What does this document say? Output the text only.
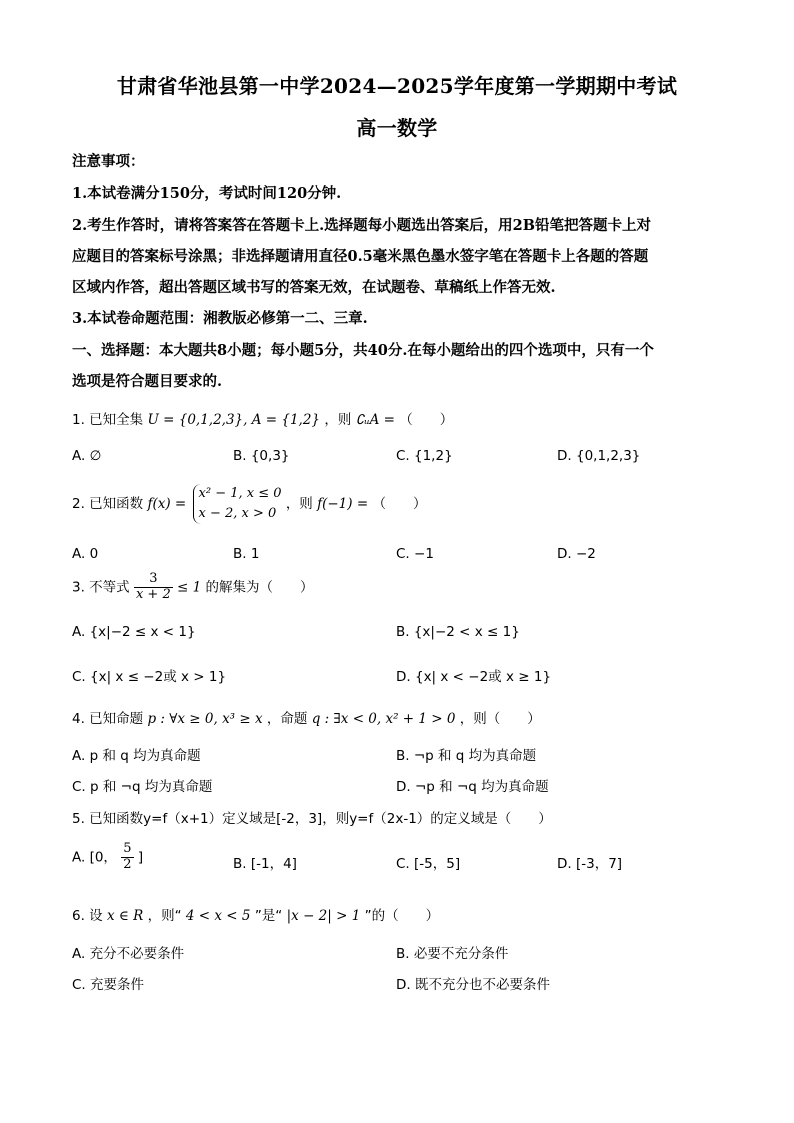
甘肃省华池县第一中学2024—2025学年度第一学期期中考试
高一数学
注意事项：
1.本试卷满分150分，考试时间120分钟.
2.考生作答时，请将答案答在答题卡上.选择题每小题选出答案后，用2B铅笔把答题卡上对
应题目的答案标号涂黑；非选择题请用直径0.5毫米黑色墨水签字笔在答题卡上各题的答题
区域内作答，超出答题区域书写的答案无效，在试题卷、草稿纸上作答无效.
3.本试卷命题范围：湘教版必修第一二、三章.
一、选择题：本大题共8小题；每小题5分，共40分.在每小题给出的四个选项中，只有一个
选项是符合题目要求的.
1. 已知全集 U = {0,1,2,3}, A = {1,2} ，则 ∁ᵤA = （　　）
A. ∅	B. {0,3}	C. {1,2}	D. {0,1,2,3}
2. 已知函数 f(x) =
x² − 1, x ≤ 0
x − 2, x > 0
，则 f(−1) = （　　）
A. 0	B. 1	C. −1	D. −2
3. 不等式 $\frac{3}{x + 2} \le 1$ 的解集为（　　）
A. {x|−2 ≤ x < 1}	B. {x|−2 < x ≤ 1}
C. {x| x ≤ −2或 x > 1}	D. {x| x < −2或 x ≥ 1}
4. 已知命题 p : ∀x ≥ 0, x³ ≥ x ，命题 q : ∃x < 0, x² + 1 > 0 ，则（　　）
A. p 和 q 均为真命题	B. ¬p 和 q 均为真命题
C. p 和 ¬q 均为真命题	D. ¬p 和 ¬q 均为真命题
5. 已知函数y=f（x+1）定义域是[-2，3]，则y=f（2x-1）的定义域是（　　）
A. [0， $\frac{5}{2}$ ]	B. [-1，4]	C. [-5，5]	D. [-3，7]
6. 设 x ∈ R ，则“ 4 < x < 5 ”是“ |x − 2| > 1 ”的（　　）
A. 充分不必要条件	B. 必要不充分条件
C. 充要条件	D. 既不充分也不必要条件
